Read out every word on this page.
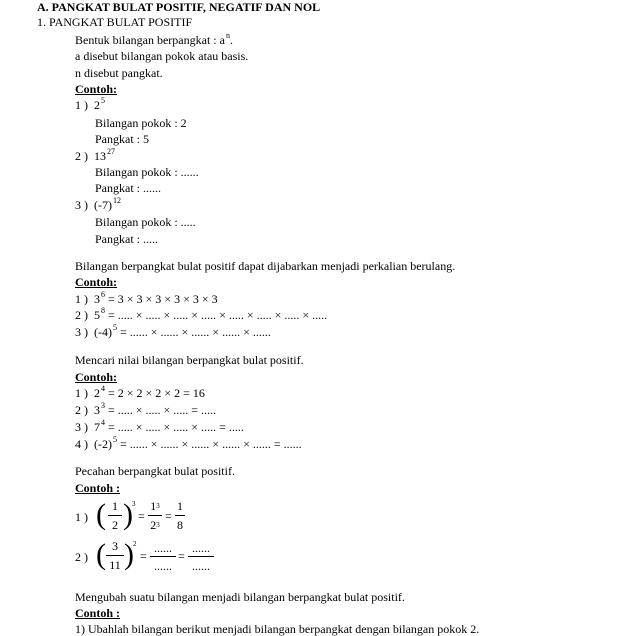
A. PANGKAT BULAT POSITIF, NEGATIF DAN NOL
1. PANGKAT BULAT POSITIF
Bentuk bilangan berpangkat : $a^n$.
a disebut bilangan pokok atau basis.
n disebut pangkat.
Contoh:
1 ) $2^5$
Bilangan pokok : 2
Pangkat : 5
2 ) $13^{27}$
Bilangan pokok : ......
Pangkat : ......
3 ) $(-7)^{12}$
Bilangan pokok : .....
Pangkat : .....
Bilangan berpangkat bulat positif dapat dijabarkan menjadi perkalian berulang.
Contoh:
1 ) $3^6 = 3 \times 3 \times 3 \times 3 \times 3 \times 3$
2 ) $5^8$ = ..... × ..... × ..... × ..... × ..... × ..... × ..... × .....
3 ) $(-4)^5$ = ...... × ...... × ...... × ...... × ......
Mencari nilai bilangan berpangkat bulat positif.
Contoh:
1 ) $2^4 = 2 \times 2 \times 2 \times 2 = 16$
2 ) $3^3$ = ..... × ..... × ..... = .....
3 ) $7^4$ = ..... × ..... × ..... × ..... = .....
4 ) $(-2)^5$ = ...... × ...... × ...... × ...... × ...... = ......
Pecahan berpangkat bulat positif.
Contoh :
1 ) ( 1
2 ) 3
=
$1^3$
$2^3$
=
1
8
2 ) ( 3
11 ) 2
=
......
......
=
......
......
Mengubah suatu bilangan menjadi bilangan berpangkat bulat positif.
Contoh :
1) Ubahlah bilangan berikut menjadi bilangan berpangkat dengan bilangan pokok 2.
